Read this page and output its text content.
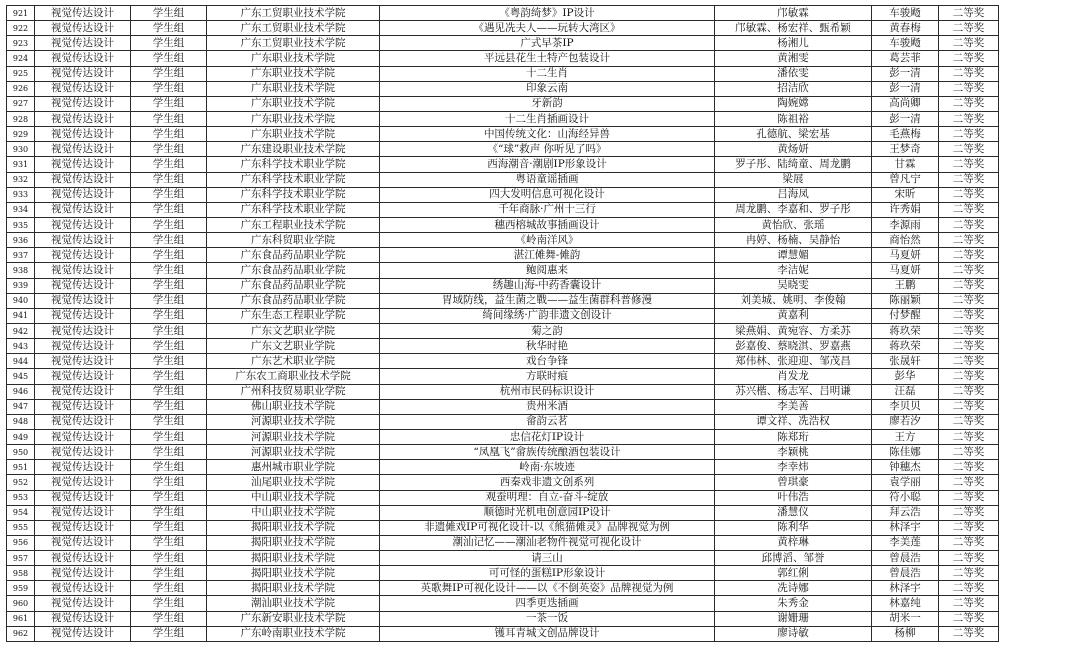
921	视觉传达设计	学生组	广东工贸职业技术学院	《粤韵绮梦》IP设计	邝敏霖	车骏飏	二等奖
922	视觉传达设计	学生组	广东工贸职业技术学院	《遇见冼夫人——玩转大湾区》	邝敏霖、杨宏祥、甄希颖	黄春梅	二等奖
923	视觉传达设计	学生组	广东工贸职业技术学院	广式早茶IP	杨湘儿	车骏飏	二等奖
924	视觉传达设计	学生组	广东职业技术学院	平远县花生土特产包装设计	黄湘雯	葛芸菲	二等奖
925	视觉传达设计	学生组	广东职业技术学院	十二生肖	潘依雯	彭一清	二等奖
926	视觉传达设计	学生组	广东职业技术学院	印象云南	招洁欣	彭一清	二等奖
927	视觉传达设计	学生组	广东职业技术学院	牙新韵	陶婉嫦	高尚卿	二等奖
928	视觉传达设计	学生组	广东职业技术学院	十二生肖插画设计	陈祖裕	彭一清	二等奖
929	视觉传达设计	学生组	广东职业技术学院	中国传统文化：山海经异兽	孔德航、梁宏基	毛燕梅	二等奖
930	视觉传达设计	学生组	广东建设职业技术学院	《“球”救声 你听见了吗》	黄炀妍	王梦奇	二等奖
931	视觉传达设计	学生组	广东科学技术职业学院	西海潮音·潮剧IP形象设计	罗子彤、陆绮童、周龙鹏	甘霖	二等奖
932	视觉传达设计	学生组	广东科学技术职业学院	粤语童谣插画	梁展	曾凡宁	二等奖
933	视觉传达设计	学生组	广东科学技术职业学院	四大发明信息可视化设计	吕海凤	宋昕	二等奖
934	视觉传达设计	学生组	广东科学技术职业学院	千年商脉·广州十三行	周龙鹏、李嘉和、罗子彤	许秀娟	二等奖
935	视觉传达设计	学生组	广东工程职业技术学院	穗西榕城故事插画设计	黄怡欣、张瑶	李源雨	二等奖
936	视觉传达设计	学生组	广东科贸职业学院	《岭南洋风》	冉婷、杨楠、吴静怡	商怡然	二等奖
937	视觉传达设计	学生组	广东食品药品职业学院	湛江傩舞-傩韵	谭慧媚	马夏妍	二等奖
938	视觉传达设计	学生组	广东食品药品职业学院	鲍阅惠来	李洁妮	马夏妍	二等奖
939	视觉传达设计	学生组	广东食品药品职业学院	绣趣山海-中药香囊设计	吴晓雯	王鹏	二等奖
940	视觉传达设计	学生组	广东食品药品职业学院	胃域防线，益生菌之戰——益生菌群科普修漫	刘美城、姚明、李俊翰	陈丽颖	二等奖
941	视觉传达设计	学生组	广东生态工程职业学院	绮间缘绣·广韵非遗文创设计	黄嘉利	付梦醒	二等奖
942	视觉传达设计	学生组	广东文艺职业学院	菊之韵	梁燕娟、黄宛容、方柔苏	蒋玖荣	二等奖
943	视觉传达设计	学生组	广东文艺职业学院	秋华时艳	彭嘉俊、蔡晓淇、罗嘉燕	蒋玖荣	二等奖
944	视觉传达设计	学生组	广东艺术职业学院	戏台争锋	郑伟林、张迎迎、邹茂昌	张晟轩	二等奖
945	视觉传达设计	学生组	广东农工商职业技术学院	方联时痕	肖发龙	彭华	二等奖
946	视觉传达设计	学生组	广州科技贸易职业学院	杭州市民码标识设计	苏兴楷、杨志军、吕明谦	汪磊	二等奖
947	视觉传达设计	学生组	佛山职业技术学院	贵州米酒	李美善	李贝贝	二等奖
948	视觉传达设计	学生组	河源职业技术学院	畲韵云茗	谭文祥、冼浩权	廖若汐	二等奖
949	视觉传达设计	学生组	河源职业技术学院	忠信花灯IP设计	陈郑珩	王方	二等奖
950	视觉传达设计	学生组	河源职业技术学院	“凤凰飞”畲族传统酿酒包装设计	李颖桃	陈佳娜	二等奖
951	视觉传达设计	学生组	惠州城市职业学院	岭南·东坡迹	李幸炜	钟穗杰	二等奖
952	视觉传达设计	学生组	汕尾职业技术学院	西秦戏非遗文创系列	曾琪豪	袁学丽	二等奖
953	视觉传达设计	学生组	中山职业技术学院	观蚕明理：自立-奋斗-绽放	叶伟浩	符小聪	二等奖
954	视觉传达设计	学生组	中山职业技术学院	顺德时光机电创意园IP设计	潘慧仪	拜云浩	二等奖
955	视觉传达设计	学生组	揭阳职业技术学院	非遗傩戏IP可视化设计-以《熊猫傩灵》品牌视觉为例	陈利华	林泽宇	二等奖
956	视觉传达设计	学生组	揭阳职业技术学院	潮汕记忆——潮汕老物件视觉可视化设计	黄梓琳	李美莲	二等奖
957	视觉传达设计	学生组	揭阳职业技术学院	请三山	邱博滔、邹誉	曾晨浩	二等奖
958	视觉传达设计	学生组	揭阳职业技术学院	可可怪的蛋糕IP形象设计	郭红俐	曾晨浩	二等奖
959	视觉传达设计	学生组	揭阳职业技术学院	英歌舞IP可视化设计——以《不倒英姿》品牌视觉为例	冼诗娜	林泽宇	二等奖
960	视觉传达设计	学生组	潮汕职业技术学院	四季更迭插画	朱秀金	林嘉纯	二等奖
961	视觉传达设计	学生组	广东新安职业技术学院	一茶一饭	谢姗珊	胡米一	二等奖
962	视觉传达设计	学生组	广东岭南职业技术学院	镬耳青城文创品牌设计	廖诗敏	杨柳	二等奖
